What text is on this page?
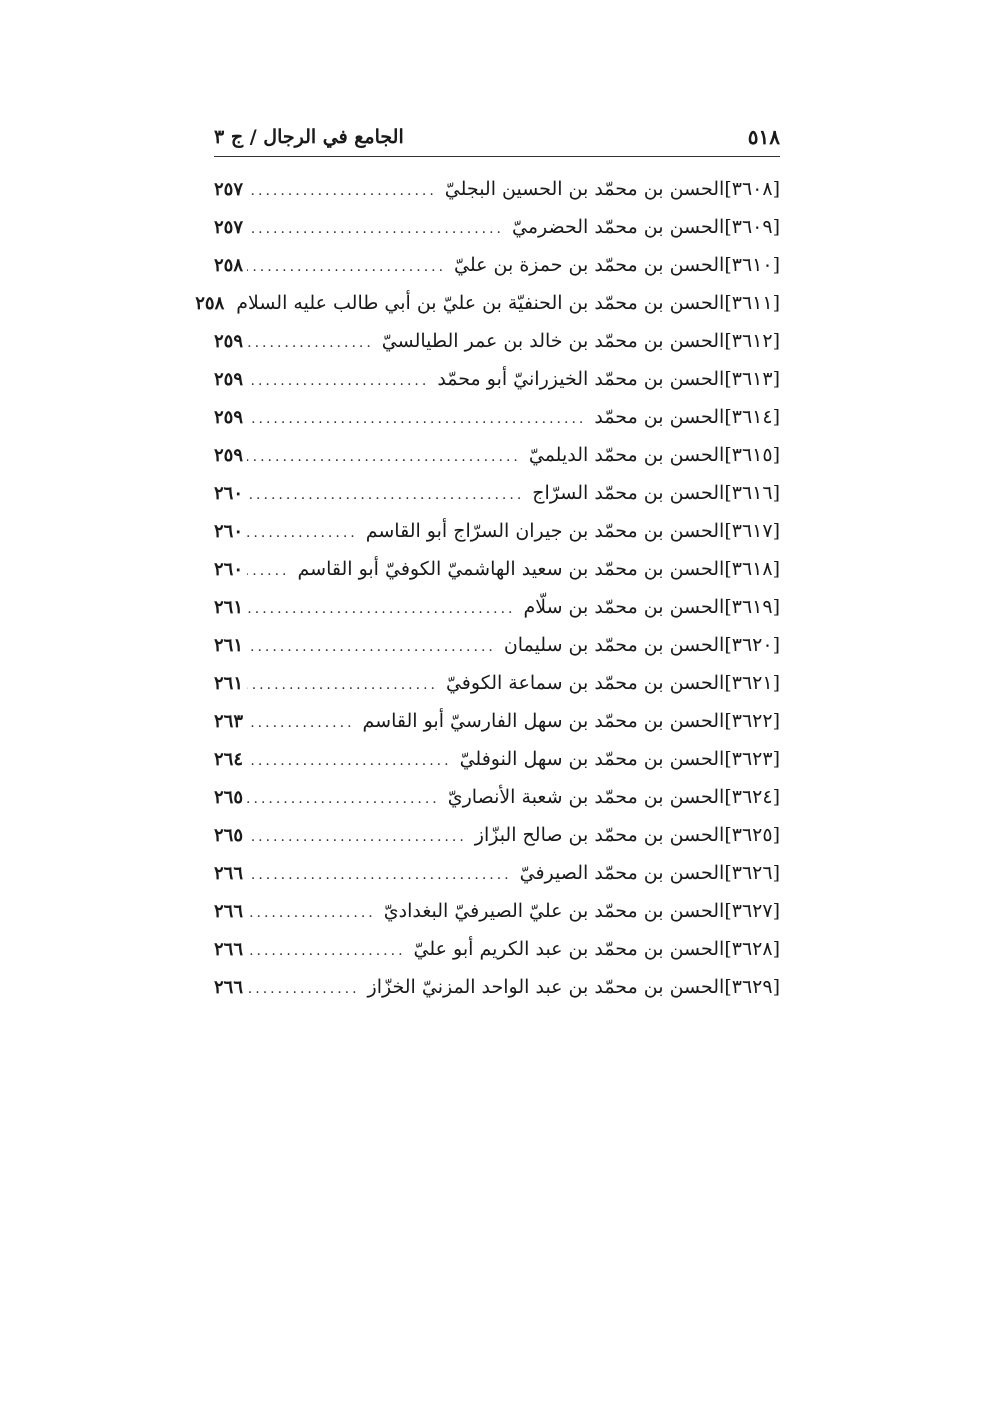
٥١٨
الجامع في الرجال / ج ٣
[٣٦٠٨]
الحسن بن محمّد بن الحسين البجليّ
.....
٢٥٧
[٣٦٠٩]
الحسن بن محمّد الحضرميّ
.....
٢٥٧
[٣٦١٠]
الحسن بن محمّد بن حمزة بن عليّ
.....
٢٥٨
[٣٦١١]
الحسن بن محمّد بن الحنفيّة بن عليّ بن أبي طالب عليه السلام
٢٥٨
[٣٦١٢]
الحسن بن محمّد بن خالد بن عمر الطيالسيّ
.....
٢٥٩
[٣٦١٣]
الحسن بن محمّد الخيزرانيّ أبو محمّد
.....
٢٥٩
[٣٦١٤]
الحسن بن محمّد
.....
٢٥٩
[٣٦١٥]
الحسن بن محمّد الديلميّ
.....
٢٥٩
[٣٦١٦]
الحسن بن محمّد السرّاج
.....
٢٦٠
[٣٦١٧]
الحسن بن محمّد بن جيران السرّاج أبو القاسم
.....
٢٦٠
[٣٦١٨]
الحسن بن محمّد بن سعيد الهاشميّ الكوفيّ أبو القاسم
.....
٢٦٠
[٣٦١٩]
الحسن بن محمّد بن سلّام
.....
٢٦١
[٣٦٢٠]
الحسن بن محمّد بن سليمان
.....
٢٦١
[٣٦٢١]
الحسن بن محمّد بن سماعة الكوفيّ
.....
٢٦١
[٣٦٢٢]
الحسن بن محمّد بن سهل الفارسيّ أبو القاسم
.....
٢٦٣
[٣٦٢٣]
الحسن بن محمّد بن سهل النوفليّ
.....
٢٦٤
[٣٦٢٤]
الحسن بن محمّد بن شعبة الأنصاريّ
.....
٢٦٥
[٣٦٢٥]
الحسن بن محمّد بن صالح البزّاز
.....
٢٦٥
[٣٦٢٦]
الحسن بن محمّد الصيرفيّ
.....
٢٦٦
[٣٦٢٧]
الحسن بن محمّد بن عليّ الصيرفيّ البغداديّ
.....
٢٦٦
[٣٦٢٨]
الحسن بن محمّد بن عبد الكريم أبو عليّ
.....
٢٦٦
[٣٦٢٩]
الحسن بن محمّد بن عبد الواحد المزنيّ الخزّاز
.....
٢٦٦
